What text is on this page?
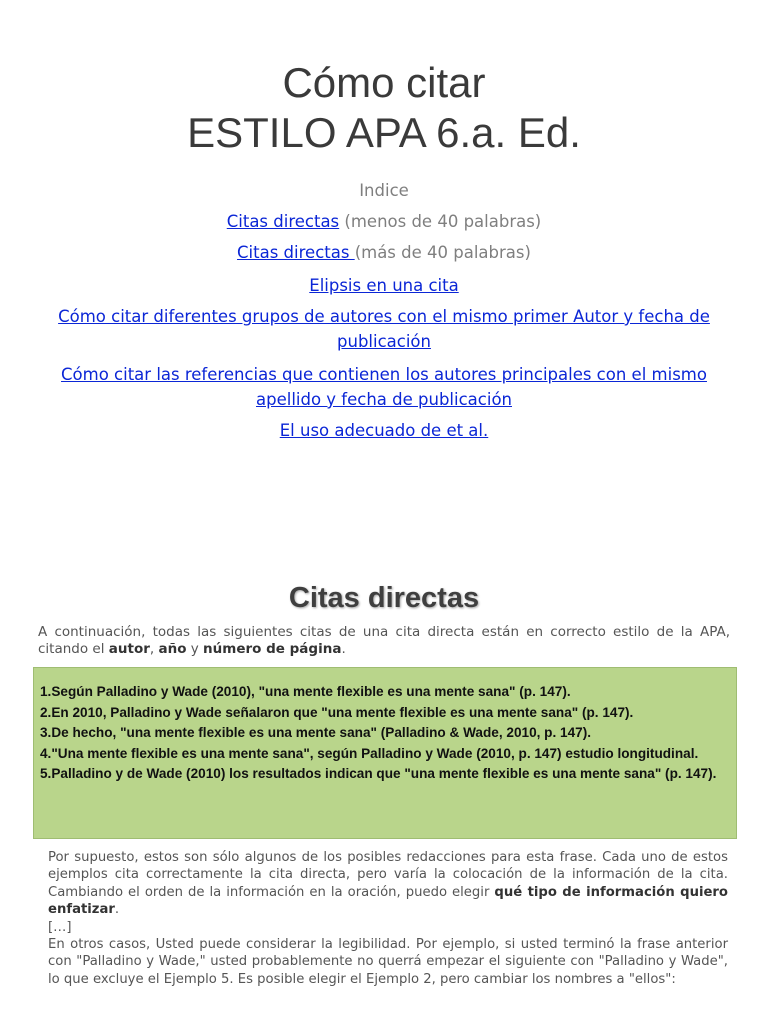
Cómo citar
ESTILO APA 6.a. Ed.
Indice
Citas directas (menos de 40 palabras)
Citas directas (más de 40 palabras)
Elipsis en una cita
Cómo citar diferentes grupos de autores con el mismo primer Autor y fecha de publicación
Cómo citar las referencias que contienen los autores principales con el mismo apellido y fecha de publicación
El uso adecuado de et al.
Citas directas
A continuación, todas las siguientes citas de una cita directa están en correcto estilo de la APA, citando el autor, año y número de página.
1.Según Palladino y Wade (2010), "una mente flexible es una mente sana" (p. 147).
2.En 2010, Palladino y Wade señalaron que "una mente flexible es una mente sana" (p. 147).
3.De hecho, "una mente flexible es una mente sana" (Palladino & Wade, 2010, p. 147).
4."Una mente flexible es una mente sana", según Palladino y Wade (2010, p. 147) estudio longitudinal.
5.Palladino y de Wade (2010) los resultados indican que "una mente flexible es una mente sana" (p. 147).

Por supuesto, estos son sólo algunos de los posibles redacciones para esta frase. Cada uno de estos ejemplos cita correctamente la cita directa, pero varía la colocación de la información de la cita. Cambiando el orden de la información en la oración, puedo elegir qué tipo de información quiero enfatizar.

[…]

En otros casos, Usted puede considerar la legibilidad. Por ejemplo, si usted terminó la frase anterior con "Palladino y Wade," usted probablemente no querrá empezar el siguiente con "Palladino y Wade", lo que excluye el Ejemplo 5. Es posible elegir el Ejemplo 2, pero cambiar los nombres a "ellos":
